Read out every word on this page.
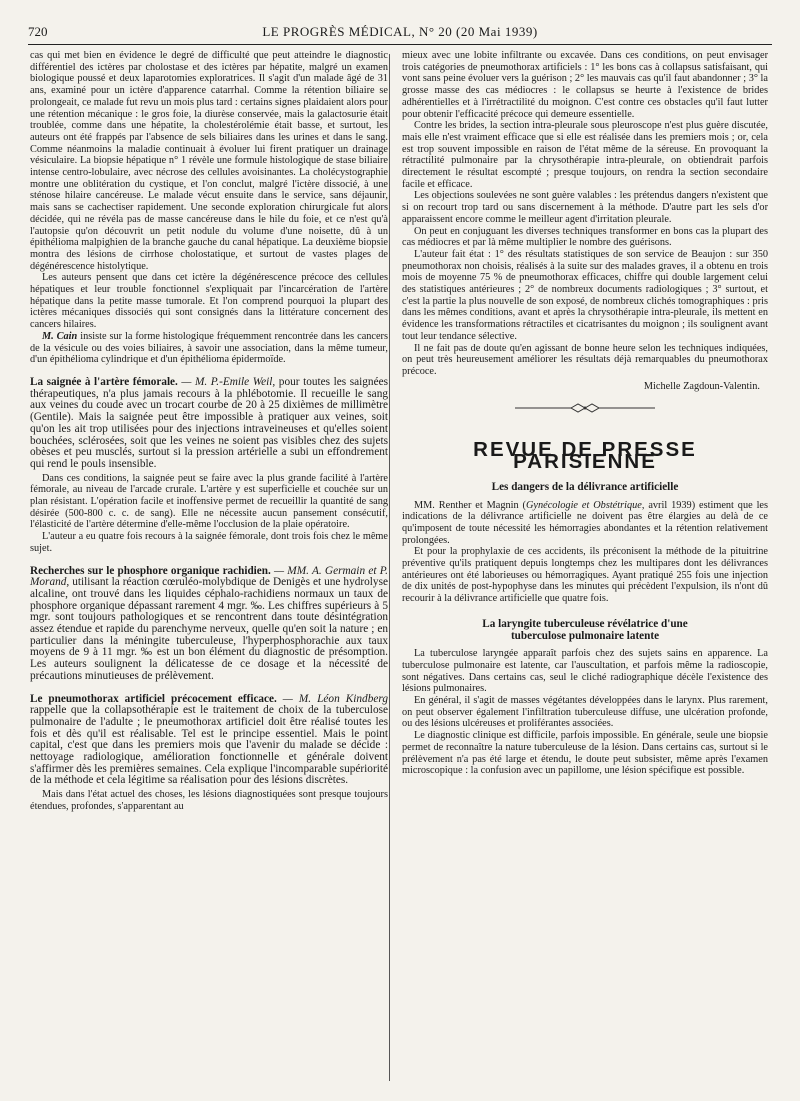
720	LE PROGRÈS MÉDICAL, N° 20 (20 Mai 1939)

cas qui met bien en évidence le degré de difficulté que peut atteindre le diagnostic différentiel des ictères par cholostase et des ictères par hépatite, malgré un examen biologique poussé et deux laparotomies exploratrices. Il s'agit d'un malade âgé de 31 ans, examiné pour un ictère d'apparence catarrhal. Comme la rétention biliaire se prolongeait, ce malade fut revu un mois plus tard : certains signes plaidaient alors pour une rétention mécanique : le gros foie, la diurèse conservée, mais la galactosurie était troublée, comme dans une hépatite, la cholestérolémie était basse, et surtout, les auteurs ont été frappés par l'absence de sels biliaires dans les urines et dans le sang. Comme néanmoins la maladie continuait à évoluer lui firent pratiquer un drainage vésiculaire. La biopsie hépatique n° 1 révèle une formule histologique de stase biliaire intense centro-lobulaire, avec nécrose des cellules avoisinantes. La cholécystographie montre une oblitération du cystique, et l'on conclut, malgré l'ictère dissocié, à une sténose hilaire cancéreuse. Le malade vécut ensuite dans le service, sans déjaunir, mais sans se cachectiser rapidement. Une seconde exploration chirurgicale fut alors décidée, qui ne révéla pas de masse cancéreuse dans le hile du foie, et ce n'est qu'à l'autopsie qu'on découvrit un petit nodule du volume d'une noisette, dû à un épithélioma malpighien de la branche gauche du canal hépatique. La deuxième biopsie montra des lésions de cirrhose cholostatique, et surtout de vastes plages de dégénérescence histolytique.

Les auteurs pensent que dans cet ictère la dégénérescence précoce des cellules hépatiques et leur trouble fonctionnel s'expliquait par l'incarcération de l'artère hépatique dans la petite masse tumorale. Et l'on comprend pourquoi la plupart des ictères mécaniques dissociés qui sont consignés dans la littérature concernent des cancers hilaires.

M. Cain insiste sur la forme histologique fréquemment rencontrée dans les cancers de la vésicule ou des voies biliaires, à savoir une association, dans la même tumeur, d'un épithélioma cylindrique et d'un épithélioma épidermoïde.

La saignée à l'artère fémorale. — M. P.-Emile Weil, pour toutes les saignées thérapeutiques, n'a plus jamais recours à la phlébotomie. Il recueille le sang aux veines du coude avec un trocart courbe de 20 à 25 dixièmes de millimètre (Gentile). Mais la saignée peut être impossible à pratiquer aux veines, soit qu'on les ait trop utilisées pour des injections intraveineuses et qu'elles soient bouchées, sclérosées, soit que les veines ne soient pas visibles chez des sujets obèses et peu musclés, surtout si la pression artérielle a subi un effondrement qui rend le pouls insensible.

Dans ces conditions, la saignée peut se faire avec la plus grande facilité à l'artère fémorale, au niveau de l'arcade crurale. L'artère y est superficielle et couchée sur un plan résistant. L'opération facile et inoffensive permet de recueillir la quantité de sang désirée (500-800 c. c. de sang). Elle ne nécessite aucun pansement consécutif, l'élasticité de l'artère détermine d'elle-même l'occlusion de la plaie opératoire.

L'auteur a eu quatre fois recours à la saignée fémorale, dont trois fois chez le même sujet.

Recherches sur le phosphore organique rachidien. — MM. A. Germain et P. Morand, utilisant la réaction cœruléo-molybdique de Denigès et une hydrolyse alcaline, ont trouvé dans les liquides céphalo-rachidiens normaux un taux de phosphore organique dépassant rarement 4 mgr. ‰. Les chiffres supérieurs à 5 mgr. sont toujours pathologiques et se rencontrent dans toute désintégration assez étendue et rapide du parenchyme nerveux, quelle qu'en soit la nature ; en particulier dans la méningite tuberculeuse, l'hyperphosphorachie aux taux moyens de 9 à 11 mgr. ‰ est un bon élément du diagnostic de présomption. Les auteurs soulignent la délicatesse de ce dosage et la nécessité de précautions minutieuses de prélèvement.

Le pneumothorax artificiel précocement efficace. — M. Léon Kindberg rappelle que la collapsothérapie est le traitement de choix de la tuberculose pulmonaire de l'adulte ; le pneumothorax artificiel doit être réalisé toutes les fois et dès qu'il est réalisable. Tel est le principe essentiel. Mais le point capital, c'est que dans les premiers mois que l'avenir du malade se décide : nettoyage radiologique, amélioration fonctionnelle et générale doivent s'affirmer dès les premières semaines. Cela explique l'incomparable supériorité de la méthode et cela légitime sa réalisation pour des lésions discrètes.

Mais dans l'état actuel des choses, les lésions diagnostiquées sont presque toujours étendues, profondes, s'apparentant au

mieux avec une lobite infiltrante ou excavée. Dans ces conditions, on peut envisager trois catégories de pneumothorax artificiels : 1° les bons cas à collapsus satisfaisant, qui vont sans peine évoluer vers la guérison ; 2° les mauvais cas qu'il faut abandonner ; 3° la grosse masse des cas médiocres : le collapsus se heurte à l'existence de brides adhérentielles et à l'irrétractilité du moignon. C'est contre ces obstacles qu'il faut lutter pour obtenir l'efficacité précoce qui demeure essentielle.

Contre les brides, la section intra-pleurale sous pleuroscope n'est plus guère discutée, mais elle n'est vraiment efficace que si elle est réalisée dans les premiers mois ; or, cela est trop souvent impossible en raison de l'état même de la séreuse. En provoquant la rétractilité pulmonaire par la chrysothérapie intra-pleurale, on obtiendrait parfois directement le résultat escompté ; presque toujours, on rendra la section secondaire facile et efficace.

Les objections soulevées ne sont guère valables : les prétendus dangers n'existent que si on recourt trop tard ou sans discernement à la méthode. D'autre part les sels d'or apparaissent encore comme le meilleur agent d'irritation pleurale.

On peut en conjuguant les diverses techniques transformer en bons cas la plupart des cas médiocres et par là même multiplier le nombre des guérisons.

L'auteur fait état : 1° des résultats statistiques de son service de Beaujon : sur 350 pneumothorax non choisis, réalisés à la suite sur des malades graves, il a obtenu en trois mois de moyenne 75 % de pneumothorax efficaces, chiffre qui double largement celui des statistiques antérieures ; 2° de nombreux documents radiologiques ; 3° surtout, et c'est la partie la plus nouvelle de son exposé, de nombreux clichés tomographiques : pris dans les mêmes conditions, avant et après la chrysothérapie intra-pleurale, ils mettent en évidence les transformations rétractiles et cicatrisantes du moignon ; ils soulignent avant tout leur tendance sélective.

Il ne fait pas de doute qu'en agissant de bonne heure selon les techniques indiquées, on peut très heureusement améliorer les résultats déjà remarquables du pneumothorax précoce.

Michelle Zagdoun-Valentin.

REVUE DE PRESSE PARISIENNE

Les dangers de la délivrance artificielle

MM. Renther et Magnin (Gynécologie et Obstétrique, avril 1939) estiment que les indications de la délivrance artificielle ne doivent pas être élargies au delà de ce qu'imposent de toute nécessité les hémorragies abondantes et la rétention relativement prolongées.

Et pour la prophylaxie de ces accidents, ils préconisent la méthode de la pituitrine préventive qu'ils pratiquent depuis longtemps chez les multipares dont les délivrances antérieures ont été laborieuses ou hémorragiques. Ayant pratiqué 255 fois une injection de dix unités de post-hypophyse dans les minutes qui précèdent l'expulsion, ils n'ont dû recourir à la délivrance artificielle que quatre fois.

La laryngite tuberculeuse révélatrice d'une

tuberculose pulmonaire latente

La tuberculose laryngée apparaît parfois chez des sujets sains en apparence. La tuberculose pulmonaire est latente, car l'auscultation, et parfois même la radioscopie, sont négatives. Dans certains cas, seul le cliché radiographique décèle l'existence des lésions pulmonaires.

En général, il s'agit de masses végétantes développées dans le larynx. Plus rarement, on peut observer également l'infiltration tuberculeuse diffuse, une ulcération profonde, ou des lésions ulcéreuses et proliférantes associées.

Le diagnostic clinique est difficile, parfois impossible. En générale, seule une biopsie permet de reconnaître la nature tuberculeuse de la lésion. Dans certains cas, surtout si le prélèvement n'a pas été large et étendu, le doute peut subsister, même après l'examen microscopique : la confusion avec un papillome, une lésion spécifique est possible.
